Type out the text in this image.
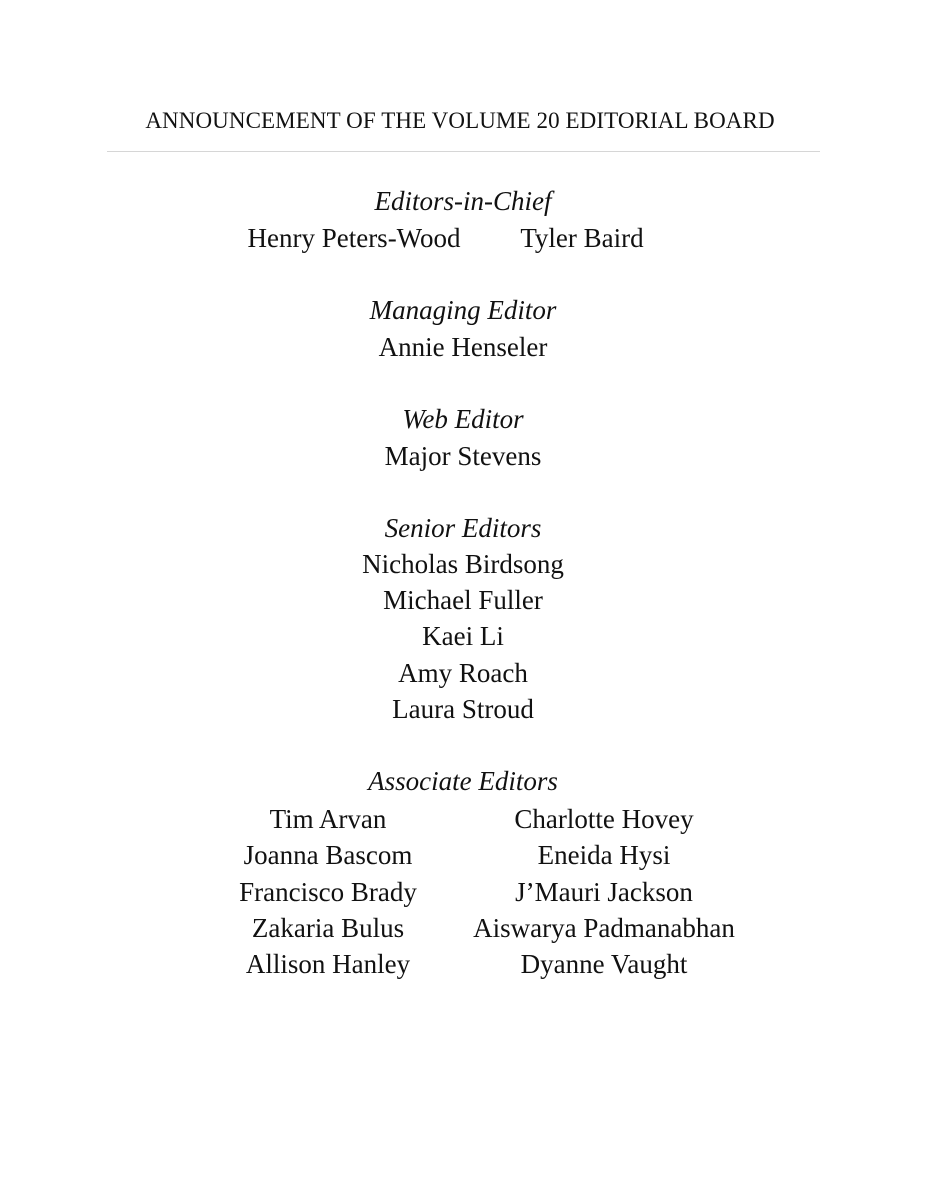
ANNOUNCEMENT OF THE VOLUME 20 EDITORIAL BOARD
Editors-in-Chief
Henry Peters-Wood	Tyler Baird
Managing Editor
Annie Henseler
Web Editor
Major Stevens
Senior Editors
Nicholas Birdsong
Michael Fuller
Kaei Li
Amy Roach
Laura Stroud
Associate Editors
Tim Arvan
Joanna Bascom
Francisco Brady
Zakaria Bulus
Allison Hanley
Charlotte Hovey
Eneida Hysi
J’Mauri Jackson
Aiswarya Padmanabhan
Dyanne Vaught
